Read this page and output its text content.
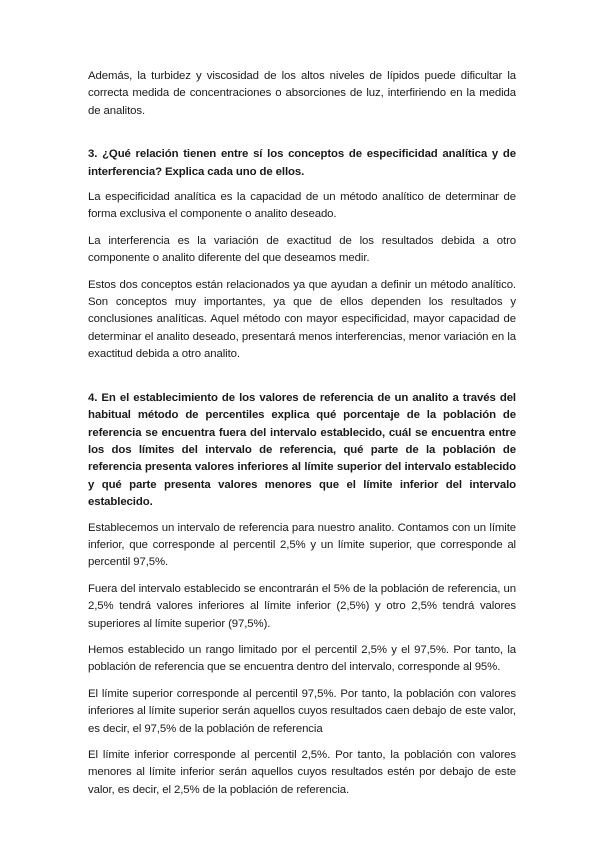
Además, la turbidez y viscosidad de los altos niveles de lípidos puede dificultar la correcta medida de concentraciones o absorciones de luz, interfiriendo en la medida de analitos.

3. ¿Qué relación tienen entre sí los conceptos de especificidad analítica y de interferencia? Explica cada uno de ellos.

La especificidad analítica es la capacidad de un método analítico de determinar de forma exclusiva el componente o analito deseado.

La interferencia es la variación de exactitud de los resultados debida a otro componente o analito diferente del que deseamos medir.

Estos dos conceptos están relacionados ya que ayudan a definir un método analítico. Son conceptos muy importantes, ya que de ellos dependen los resultados y conclusiones analíticas. Aquel método con mayor especificidad, mayor capacidad de determinar el analito deseado, presentará menos interferencias, menor variación en la exactitud debida a otro analito.

4. En el establecimiento de los valores de referencia de un analito a través del habitual método de percentiles explica qué porcentaje de la población de referencia se encuentra fuera del intervalo establecido, cuál se encuentra entre los dos límites del intervalo de referencia, qué parte de la población de referencia presenta valores inferiores al límite superior del intervalo establecido y qué parte presenta valores menores que el límite inferior del intervalo establecido.

Establecemos un intervalo de referencia para nuestro analito. Contamos con un límite inferior, que corresponde al percentil 2,5% y un límite superior, que corresponde al percentil 97,5%.

Fuera del intervalo establecido se encontrarán el 5% de la población de referencia, un 2,5% tendrá valores inferiores al límite inferior (2,5%) y otro 2,5% tendrá valores superiores al límite superior (97,5%).

Hemos establecido un rango limitado por el percentil 2,5% y el 97,5%. Por tanto, la población de referencia que se encuentra dentro del intervalo, corresponde al 95%.

El límite superior corresponde al percentil 97,5%. Por tanto, la población con valores inferiores al límite superior serán aquellos cuyos resultados caen debajo de este valor, es decir, el 97,5% de la población de referencia

El límite inferior corresponde al percentil 2,5%. Por tanto, la población con valores menores al límite inferior serán aquellos cuyos resultados estén por debajo de este valor, es decir, el 2,5% de la población de referencia.
